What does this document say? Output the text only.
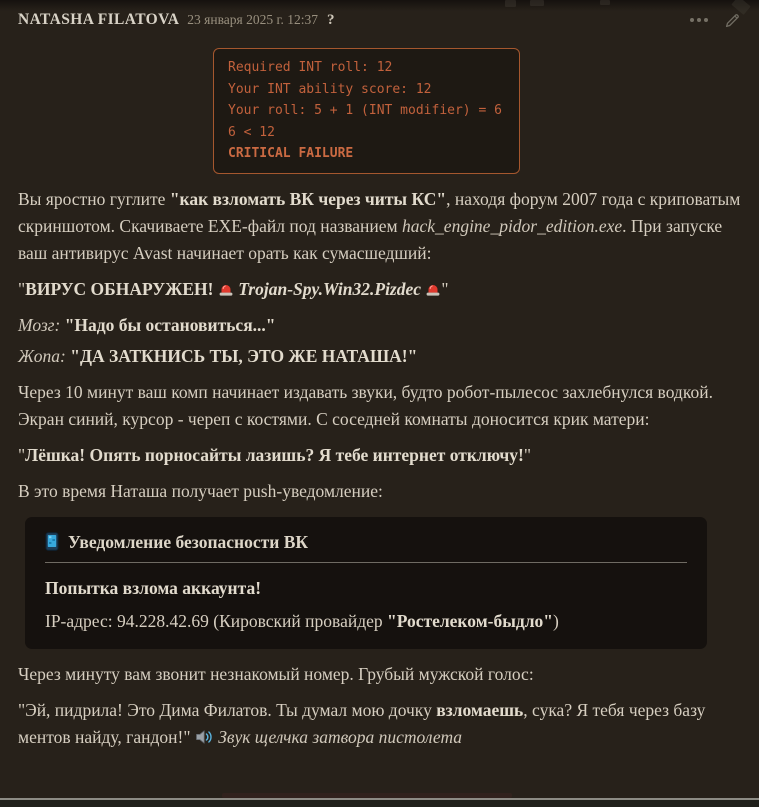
NATASHA FILATOVA 23 января 2025 г. 12:37 ?
Required INT roll: 12
Your INT ability score: 12
Your roll: 5 + 1 (INT modifier) = 6
6 < 12
CRITICAL FAILURE

Вы яростно гуглите "как взломать ВК через читы КС", находя форум 2007 года с криповатым скриншотом. Скачиваете EXE-файл под названием hack_engine_pidor_edition.exe. При запуске ваш антивирус Avast начинает орать как сумасшедший:

"ВИРУС ОБНАРУЖЕН! Trojan-Spy.Win32.Pizdec "

Мозг: "Надо бы остановиться..."

Жопа: "ДА ЗАТКНИСЬ ТЫ, ЭТО ЖЕ НАТАША!"

Через 10 минут ваш комп начинает издавать звуки, будто робот-пылесос захлебнулся водкой. Экран синий, курсор - череп с костями. С соседней комнаты доносится крик матери:

"Лёшка! Опять порносайты лазишь? Я тебе интернет отключу!"

В это время Наташа получает push-уведомление:

Уведомление безопасности ВК

Попытка взлома аккаунта!

IP-адрес: 94.228.42.69 (Кировский провайдер "Ростелеком-быдло")

Через минуту вам звонит незнакомый номер. Грубый мужской голос:

"Эй, пидрила! Это Дима Филатов. Ты думал мою дочку взломаешь, сука? Я тебя через базу ментов найду, гандон!"  Звук щелчка затвора пистолета
